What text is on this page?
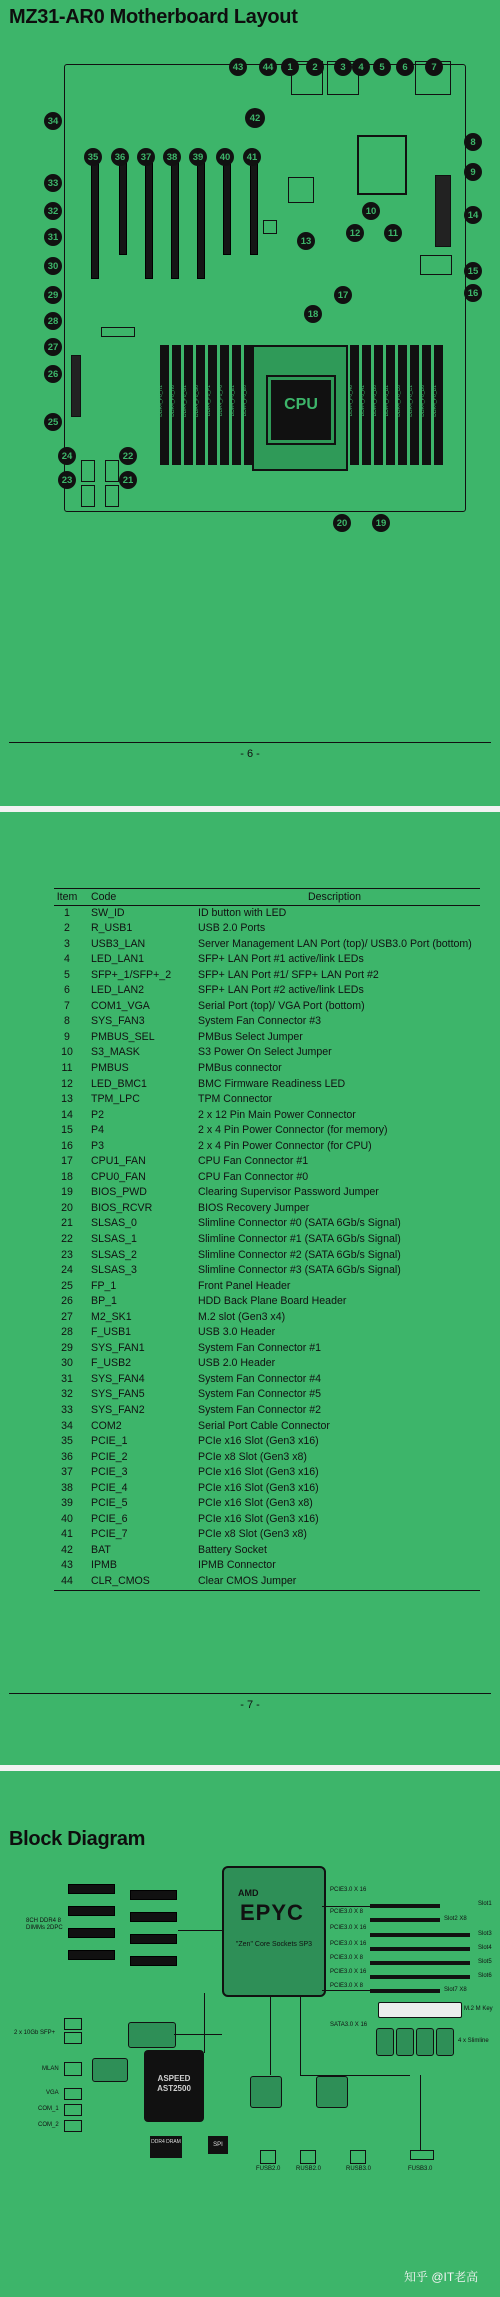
MZ31-AR0 Motherboard Layout
DDR4_P0_H1	DDR4_P0_H0	DDR4_P0_G1	DDR4_P0_G0	DDR4_P0_F1	DDR4_P0_F0	DDR4_P0_E1	DDR4_P0_E0	CPU	DDR4_P0_A0	DDR4_P0_A1	DDR4_P0_B0	DDR4_P0_B1	DDR4_P0_C0	DDR4_P0_C1	DDR4_P0_D0	DDR4_P0_D1
1	2	3	4	5	6	7
8
9
10
11
12
13
14
15
16
17
18
19
20
21
22
23
24
25
26
27
28
29
30
31
32
33
34
35	36	37	38	39	40	41
42
43	44
- 6 -
Item	Code	Description
1	SW_ID	ID button with LED
2	R_USB1	USB 2.0 Ports
3	USB3_LAN	Server Management LAN Port (top)/ USB3.0 Port (bottom)
4	LED_LAN1	SFP+ LAN Port #1 active/link LEDs
5	SFP+_1/SFP+_2	SFP+ LAN Port #1/ SFP+ LAN Port #2
6	LED_LAN2	SFP+ LAN Port #2 active/link LEDs
7	COM1_VGA	Serial Port (top)/ VGA Port (bottom)
8	SYS_FAN3	System Fan Connector #3
9	PMBUS_SEL	PMBus Select Jumper
10	S3_MASK	S3 Power On Select Jumper
11	PMBUS	PMBus connector
12	LED_BMC1	BMC Firmware Readiness LED
13	TPM_LPC	TPM Connector
14	P2	2 x 12 Pin Main Power Connector
15	P4	2 x 4 Pin Power Connector (for memory)
16	P3	2 x 4 Pin Power Connector (for CPU)
17	CPU1_FAN	CPU Fan Connector #1
18	CPU0_FAN	CPU Fan Connector #0
19	BIOS_PWD	Clearing Supervisor Password Jumper
20	BIOS_RCVR	BIOS Recovery Jumper
21	SLSAS_0	Slimline Connector #0 (SATA 6Gb/s Signal)
22	SLSAS_1	Slimline Connector #1 (SATA 6Gb/s Signal)
23	SLSAS_2	Slimline Connector #2 (SATA 6Gb/s Signal)
24	SLSAS_3	Slimline Connector #3 (SATA 6Gb/s Signal)
25	FP_1	Front Panel Header
26	BP_1	HDD Back Plane Board Header
27	M2_SK1	M.2 slot (Gen3 x4)
28	F_USB1	USB 3.0 Header
29	SYS_FAN1	System Fan Connector #1
30	F_USB2	USB 2.0 Header
31	SYS_FAN4	System Fan Connector #4
32	SYS_FAN5	System Fan Connector #5
33	SYS_FAN2	System Fan Connector #2
34	COM2	Serial Port Cable Connector
35	PCIE_1	PCIe x16 Slot (Gen3 x16)
36	PCIE_2	PCIe x8 Slot (Gen3 x8)
37	PCIE_3	PCIe x16 Slot (Gen3 x16)
38	PCIE_4	PCIe x16 Slot (Gen3 x16)
39	PCIE_5	PCIe x16 Slot (Gen3 x8)
40	PCIE_6	PCIe x16 Slot (Gen3 x16)
41	PCIE_7	PCIe x8 Slot (Gen3 x8)
42	BAT	Battery Socket
43	IPMB	IPMB Connector
44	CLR_CMOS	Clear CMOS Jumper
- 7 -
Block Diagram
8CH DDR4 8 DIMMs 2DPC
AMD
EPYC
"Zen" Core Sockets SP3
PCIE3.0 X 16
Slot1
PCIE3.0 X 8
Slot2 X8
PCIE3.0 X 16
Slot3
PCIE3.0 X 16
Slot4
PCIE3.0 X 8
Slot5
PCIE3.0 X 16
Slot6
PCIE3.0 X 8
Slot7 X8
M.2 M Key
4 x Slimline
SATA3.0 X 16
2 x 10Gb SFP+
MLAN
VGA
COM_1
COM_2
ASPEED AST2500
DDR4 DRAM	SPI
FUSB2.0	RUSB2.0	RUSB3.0	FUSB3.0
知乎 @IT老高
